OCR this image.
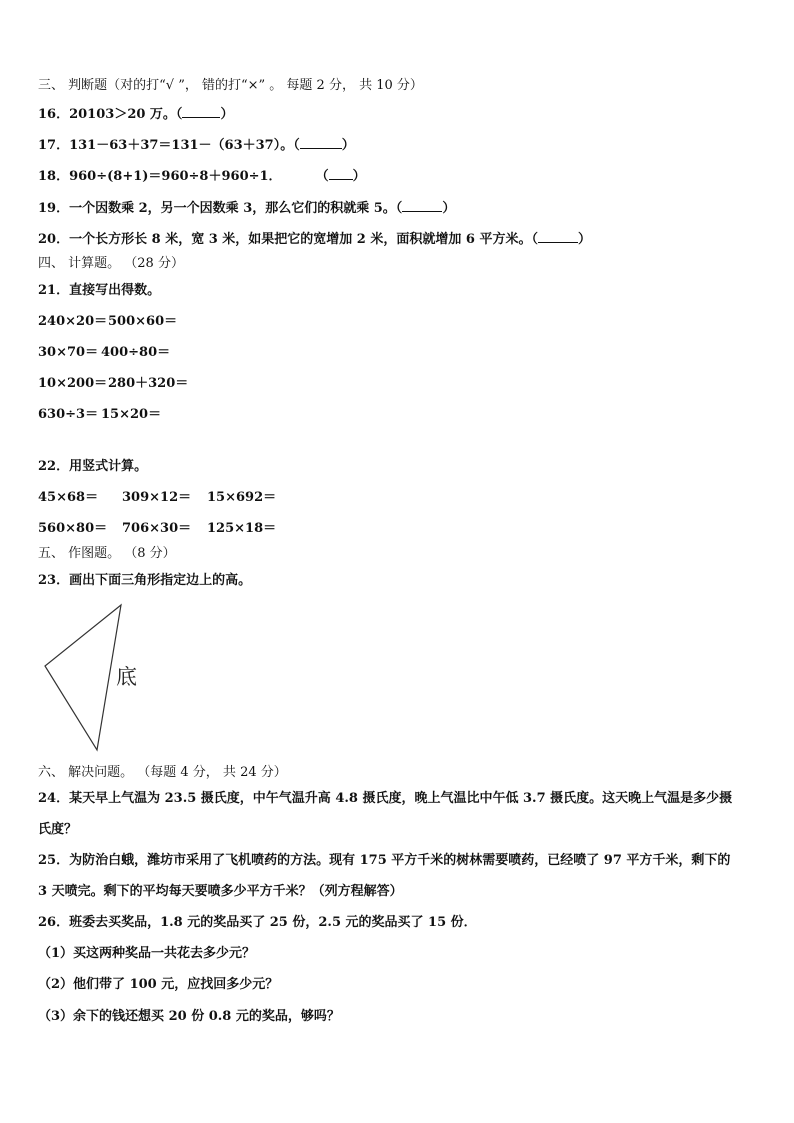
三、 判断题（对的打“√ ”， 错的打“×” 。 每题 2 分， 共 10 分）
16．20103＞20 万。（	）
17．131－63＋37＝131－（63＋37）。（	）
18．960÷(8+1)＝960÷8＋960÷1．	（ ）
19．一个因数乘 2，另一个因数乘 3，那么它们的积就乘 5。（	）
20．一个长方形长 8 米，宽 3 米，如果把它的宽增加 2 米，面积就增加 6 平方米。（	）
四、 计算题。 （28 分）
21．直接写出得数。
240×20＝500×60＝
30×70＝ 400÷80＝
10×200＝280＋320＝
630÷3＝ 15×20＝
22．用竖式计算。
45×68＝ 309×12＝ 15×692＝
560×80＝ 706×30＝ 125×18＝
五、 作图题。 （8 分）
23．画出下面三角形指定边上的高。
底
六、 解决问题。 （每题 4 分， 共 24 分）
24．某天早上气温为 23.5 摄氏度，中午气温升高 4.8 摄氏度，晚上气温比中午低 3.7 摄氏度。这天晚上气温是多少摄
氏度？
25．为防治白蛾，潍坊市采用了飞机喷药的方法。现有 175 平方千米的树林需要喷药，已经喷了 97 平方千米，剩下的
3 天喷完。剩下的平均每天要喷多少平方千米？（列方程解答）
26．班委去买奖品，1.8 元的奖品买了 25 份，2.5 元的奖品买了 15 份．
（1）买这两种奖品一共花去多少元？
（2）他们带了 100 元，应找回多少元？
（3）余下的钱还想买 20 份 0.8 元的奖品，够吗？
